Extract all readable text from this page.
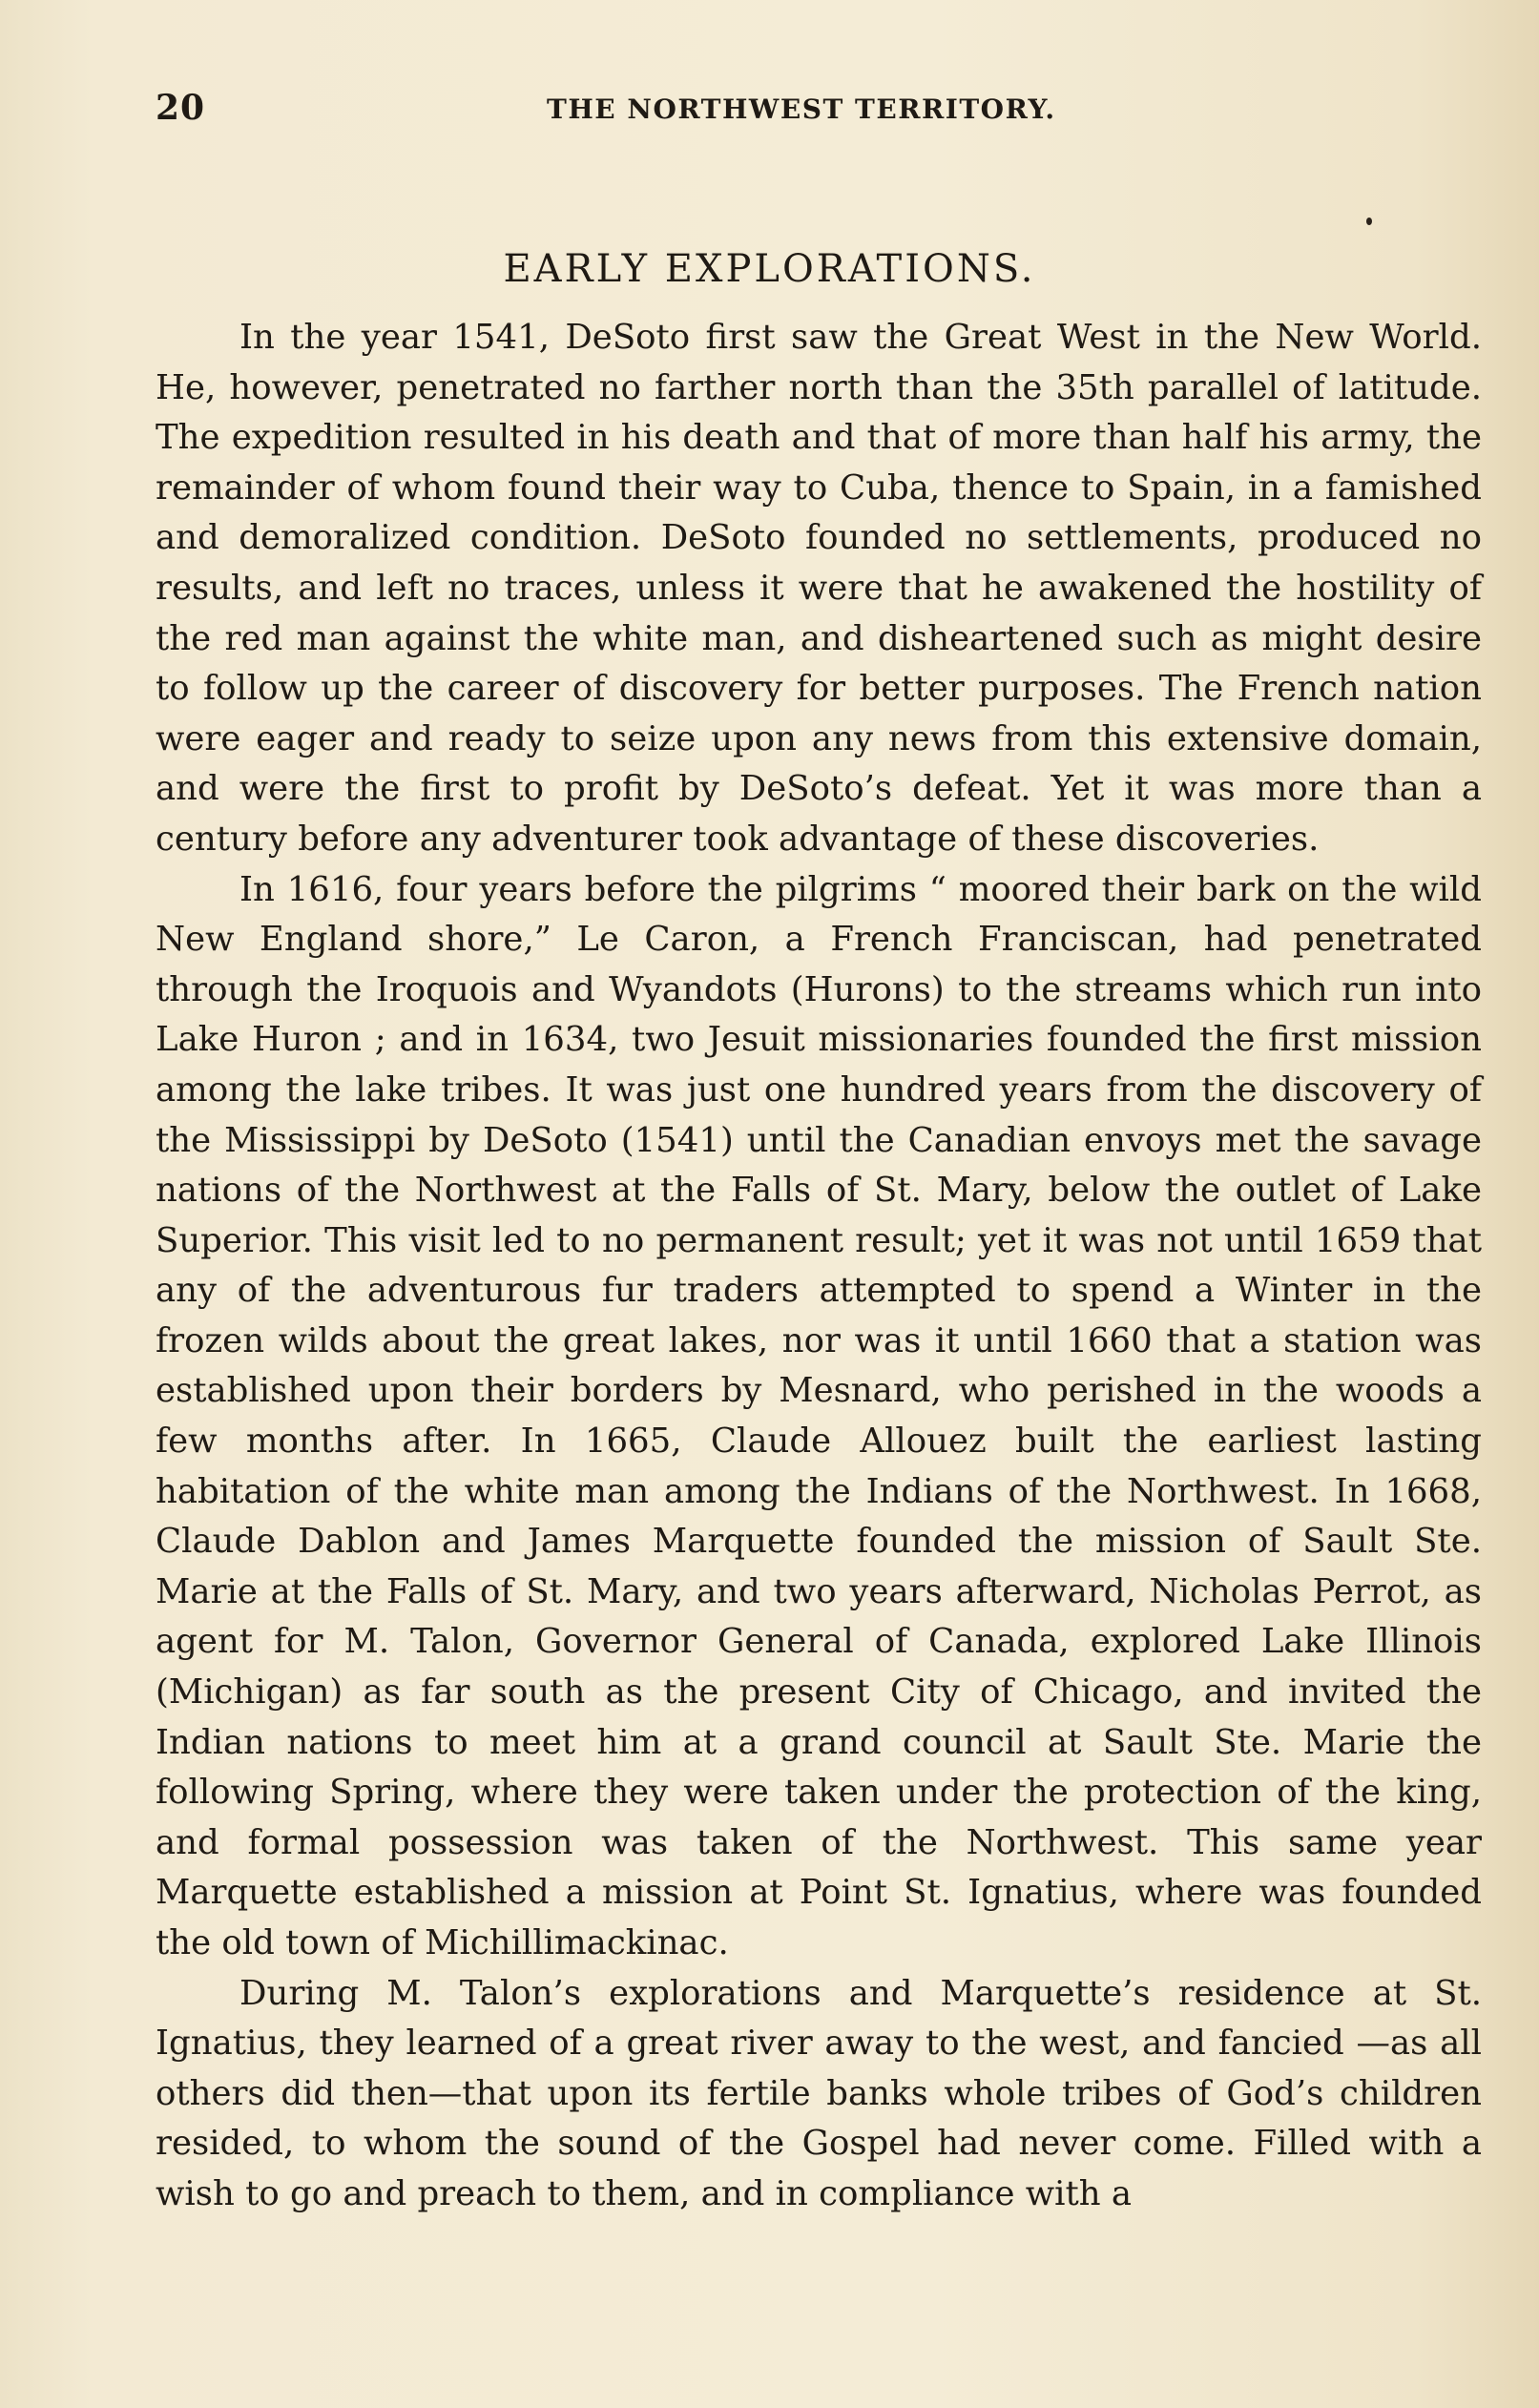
20	THE NORTHWEST TERRITORY.
EARLY EXPLORATIONS.

In the year 1541, DeSoto first saw the Great West in the New World. He, however, penetrated no farther north than the 35th parallel of latitude. The expedition resulted in his death and that of more than half his army, the remainder of whom found their way to Cuba, thence to Spain, in a famished and demoralized condition. DeSoto founded no settlements, produced no results, and left no traces, unless it were that he awakened the hostility of the red man against the white man, and disheartened such as might desire to follow up the career of discovery for better purposes. The French nation were eager and ready to seize upon any news from this extensive domain, and were the first to profit by DeSoto’s defeat. Yet it was more than a century before any adventurer took advantage of these discoveries.

In 1616, four years before the pilgrims “ moored their bark on the wild New England shore,” Le Caron, a French Franciscan, had penetrated through the Iroquois and Wyandots (Hurons) to the streams which run into Lake Huron ; and in 1634, two Jesuit missionaries founded the first mission among the lake tribes. It was just one hundred years from the discovery of the Mississippi by DeSoto (1541) until the Canadian envoys met the savage nations of the Northwest at the Falls of St. Mary, below the outlet of Lake Superior. This visit led to no permanent result; yet it was not until 1659 that any of the adventurous fur traders attempted to spend a Winter in the frozen wilds about the great lakes, nor was it until 1660 that a station was established upon their borders by Mesnard, who perished in the woods a few months after. In 1665, Claude Allouez built the earliest lasting habitation of the white man among the Indians of the Northwest. In 1668, Claude Dablon and James Marquette founded the mission of Sault Ste. Marie at the Falls of St. Mary, and two years afterward, Nicholas Perrot, as agent for M. Talon, Governor General of Canada, explored Lake Illinois (Michigan) as far south as the present City of Chicago, and invited the Indian nations to meet him at a grand council at Sault Ste. Marie the following Spring, where they were taken under the protection of the king, and formal possession was taken of the Northwest. This same year Marquette established a mission at Point St. Ignatius, where was founded the old town of Michillimackinac.

During M. Talon’s explorations and Marquette’s residence at St. Ignatius, they learned of a great river away to the west, and fancied —as all others did then—that upon its fertile banks whole tribes of God’s children resided, to whom the sound of the Gospel had never come. Filled with a wish to go and preach to them, and in compliance with a
